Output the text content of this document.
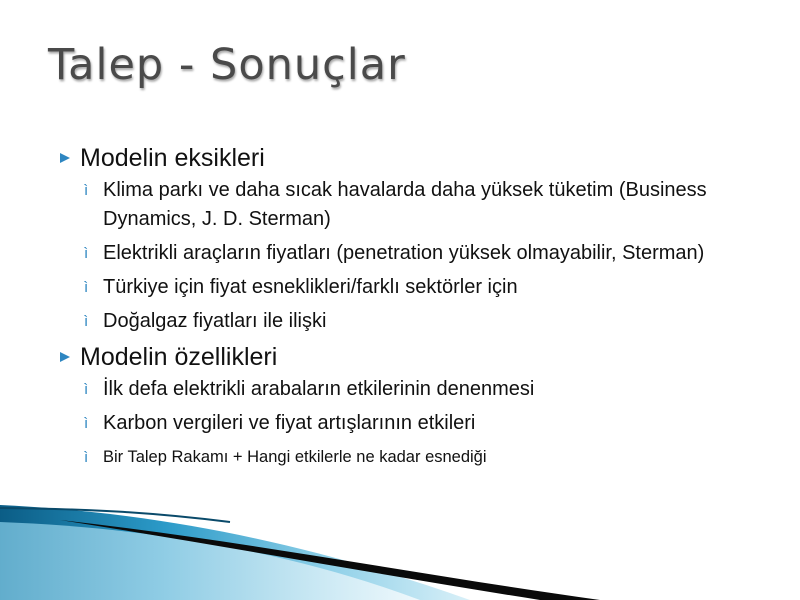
Talep - Sonuçlar
Modelin eksikleri
ì Klima parkı ve daha sıcak havalarda daha yüksek tüketim (Business Dynamics, J. D. Sterman)
ì Elektrikli araçların fiyatları (penetration yüksek olmayabilir, Sterman)
ì Türkiye için fiyat esneklikleri/farklı sektörler için
ì Doğalgaz fiyatları ile ilişki
Modelin özellikleri
ì İlk defa elektrikli arabaların etkilerinin denenmesi
ì Karbon vergileri ve fiyat artışlarının etkileri
ì Bir Talep Rakamı + Hangi etkilerle ne kadar esnediği
